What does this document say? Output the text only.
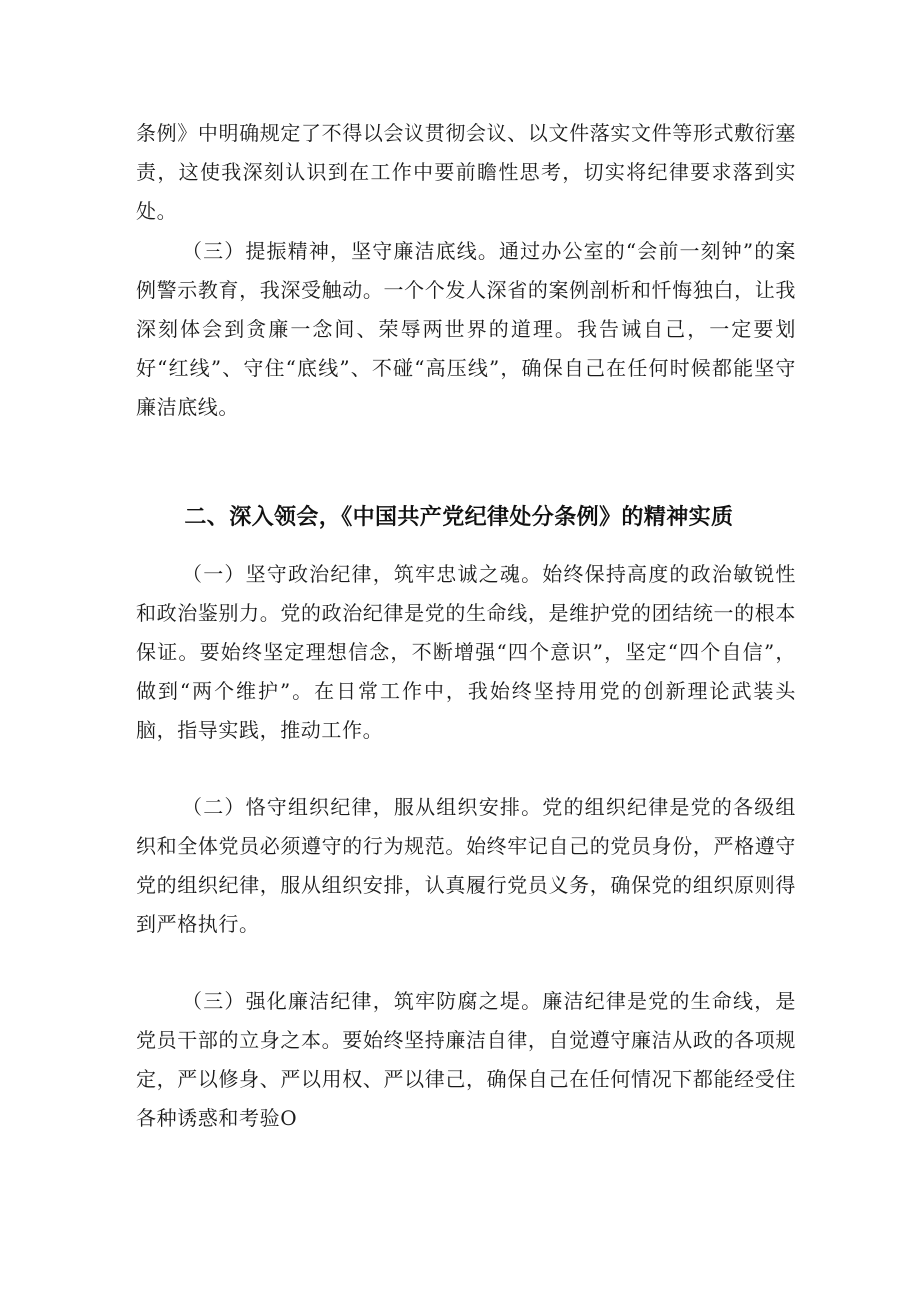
条例》中明确规定了不得以会议贯彻会议、以文件落实文件等形式敷衍塞责，这使我深刻认识到在工作中要前瞻性思考，切实将纪律要求落到实处。

（三）提振精神，坚守廉洁底线。通过办公室的“会前一刻钟”的案例警示教育，我深受触动。一个个发人深省的案例剖析和忏悔独白，让我深刻体会到贪廉一念间、荣辱两世界的道理。我告诫自己，一定要划好“红线”、守住“底线”、不碰“高压线”，确保自己在任何时候都能坚守廉洁底线。

二、深入领会，《中国共产党纪律处分条例》的精神实质

（一）坚守政治纪律，筑牢忠诚之魂。始终保持高度的政治敏锐性和政治鉴别力。党的政治纪律是党的生命线，是维护党的团结统一的根本保证。要始终坚定理想信念，不断增强“四个意识”，坚定“四个自信”，做到“两个维护”。在日常工作中，我始终坚持用党的创新理论武装头脑，指导实践，推动工作。

（二）恪守组织纪律，服从组织安排。党的组织纪律是党的各级组织和全体党员必须遵守的行为规范。始终牢记自己的党员身份，严格遵守党的组织纪律，服从组织安排，认真履行党员义务，确保党的组织原则得到严格执行。

（三）强化廉洁纪律，筑牢防腐之堤。廉洁纪律是党的生命线，是党员干部的立身之本。要始终坚持廉洁自律，自觉遵守廉洁从政的各项规定，严以修身、严以用权、严以律己，确保自己在任何情况下都能经受住各种诱惑和考验O
